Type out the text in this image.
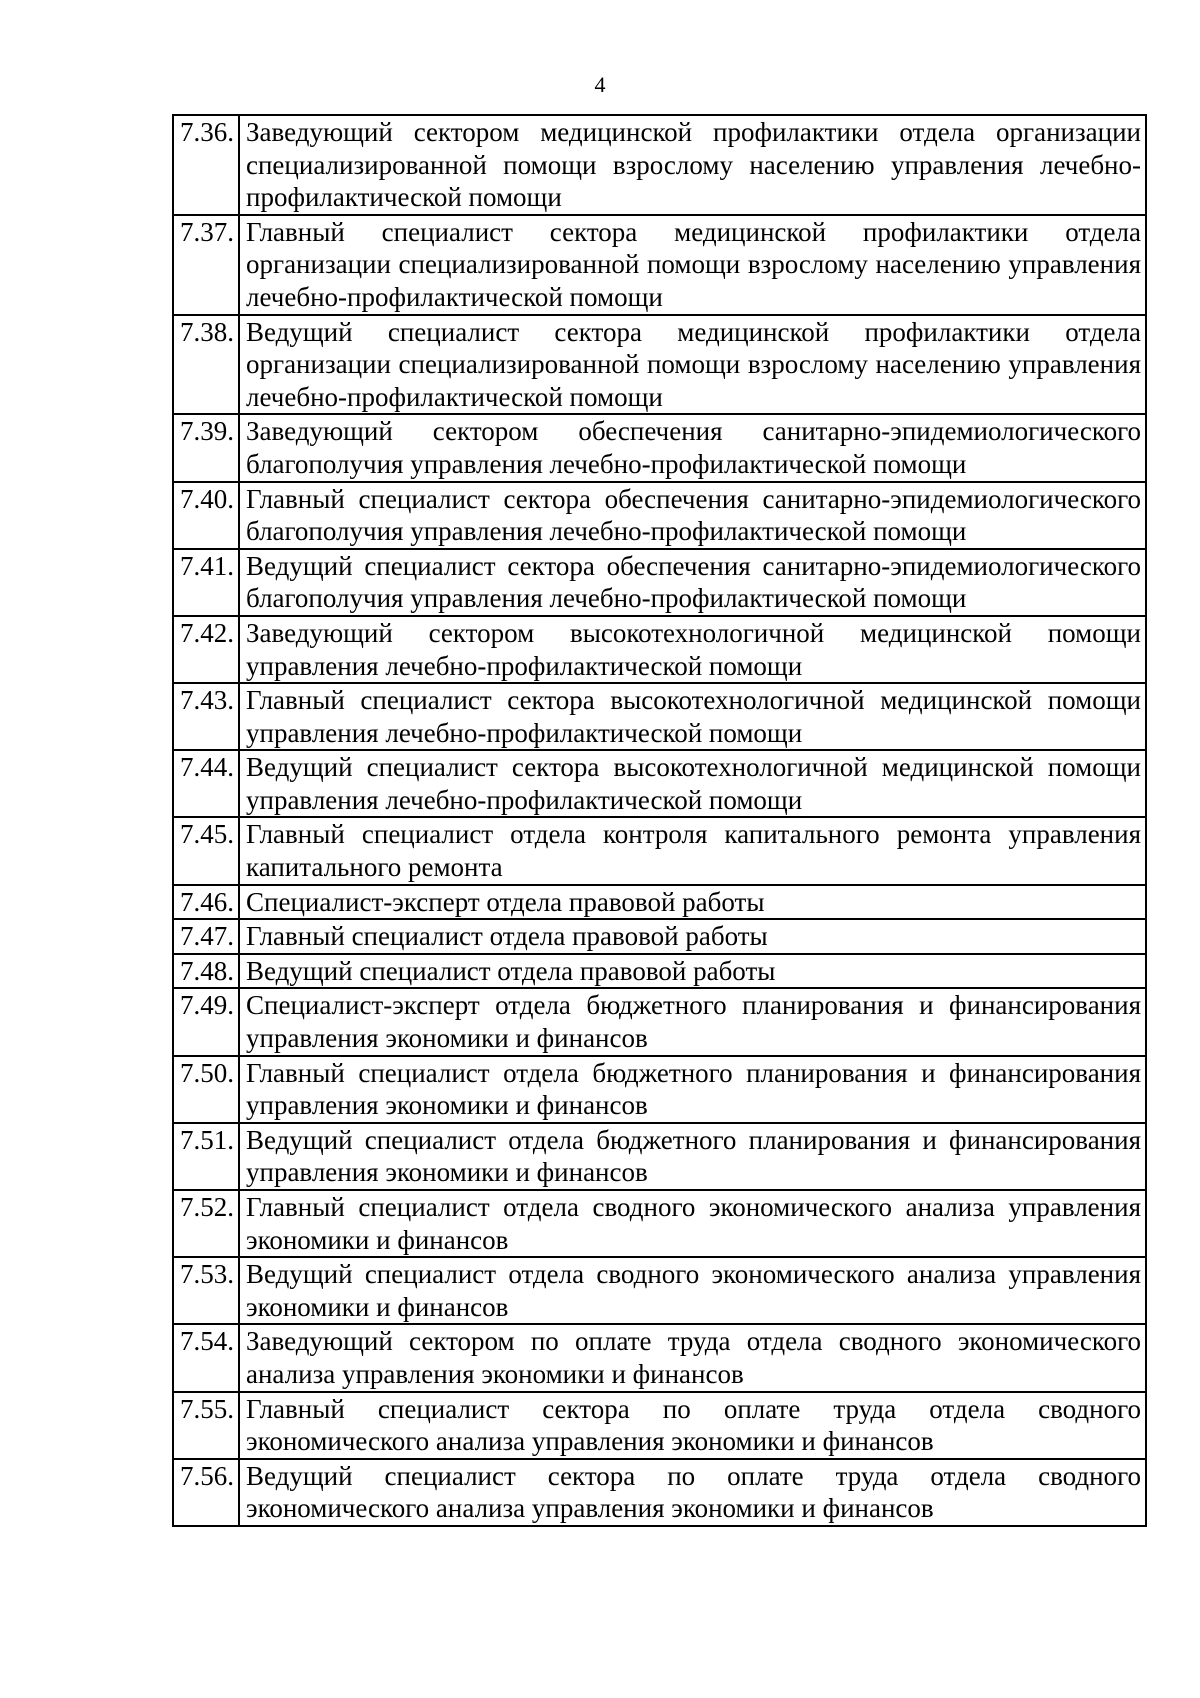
4
7.36.	Заведующий сектором медицинской профилактики отдела организации специализированной помощи взрослому населению управления лечебно-профилактической помощи
7.37.	Главный специалист сектора медицинской профилактики отдела организации специализированной помощи взрослому населению управления лечебно-профилактической помощи
7.38.	Ведущий специалист сектора медицинской профилактики отдела организации специализированной помощи взрослому населению управления лечебно-профилактической помощи
7.39.	Заведующий сектором обеспечения санитарно-эпидемиологического благополучия управления лечебно-профилактической помощи
7.40.	Главный специалист сектора обеспечения санитарно-эпидемиологического благополучия управления лечебно-профилактической помощи
7.41.	Ведущий специалист сектора обеспечения санитарно-эпидемиологического благополучия управления лечебно-профилактической помощи
7.42.	Заведующий сектором высокотехнологичной медицинской помощи управления лечебно-профилактической помощи
7.43.	Главный специалист сектора высокотехнологичной медицинской помощи управления лечебно-профилактической помощи
7.44.	Ведущий специалист сектора высокотехнологичной медицинской помощи управления лечебно-профилактической помощи
7.45.	Главный специалист отдела контроля капитального ремонта управления капитального ремонта
7.46.	Специалист-эксперт отдела правовой работы
7.47.	Главный специалист отдела правовой работы
7.48.	Ведущий специалист отдела правовой работы
7.49.	Специалист-эксперт отдела бюджетного планирования и финансирования управления экономики и финансов
7.50.	Главный специалист отдела бюджетного планирования и финансирования управления экономики и финансов
7.51.	Ведущий специалист отдела бюджетного планирования и финансирования управления экономики и финансов
7.52.	Главный специалист отдела сводного экономического анализа управления экономики и финансов
7.53.	Ведущий специалист отдела сводного экономического анализа управления экономики и финансов
7.54.	Заведующий сектором по оплате труда отдела сводного экономического анализа управления экономики и финансов
7.55.	Главный специалист сектора по оплате труда отдела сводного экономического анализа управления экономики и финансов
7.56.	Ведущий специалист сектора по оплате труда отдела сводного экономического анализа управления экономики и финансов
